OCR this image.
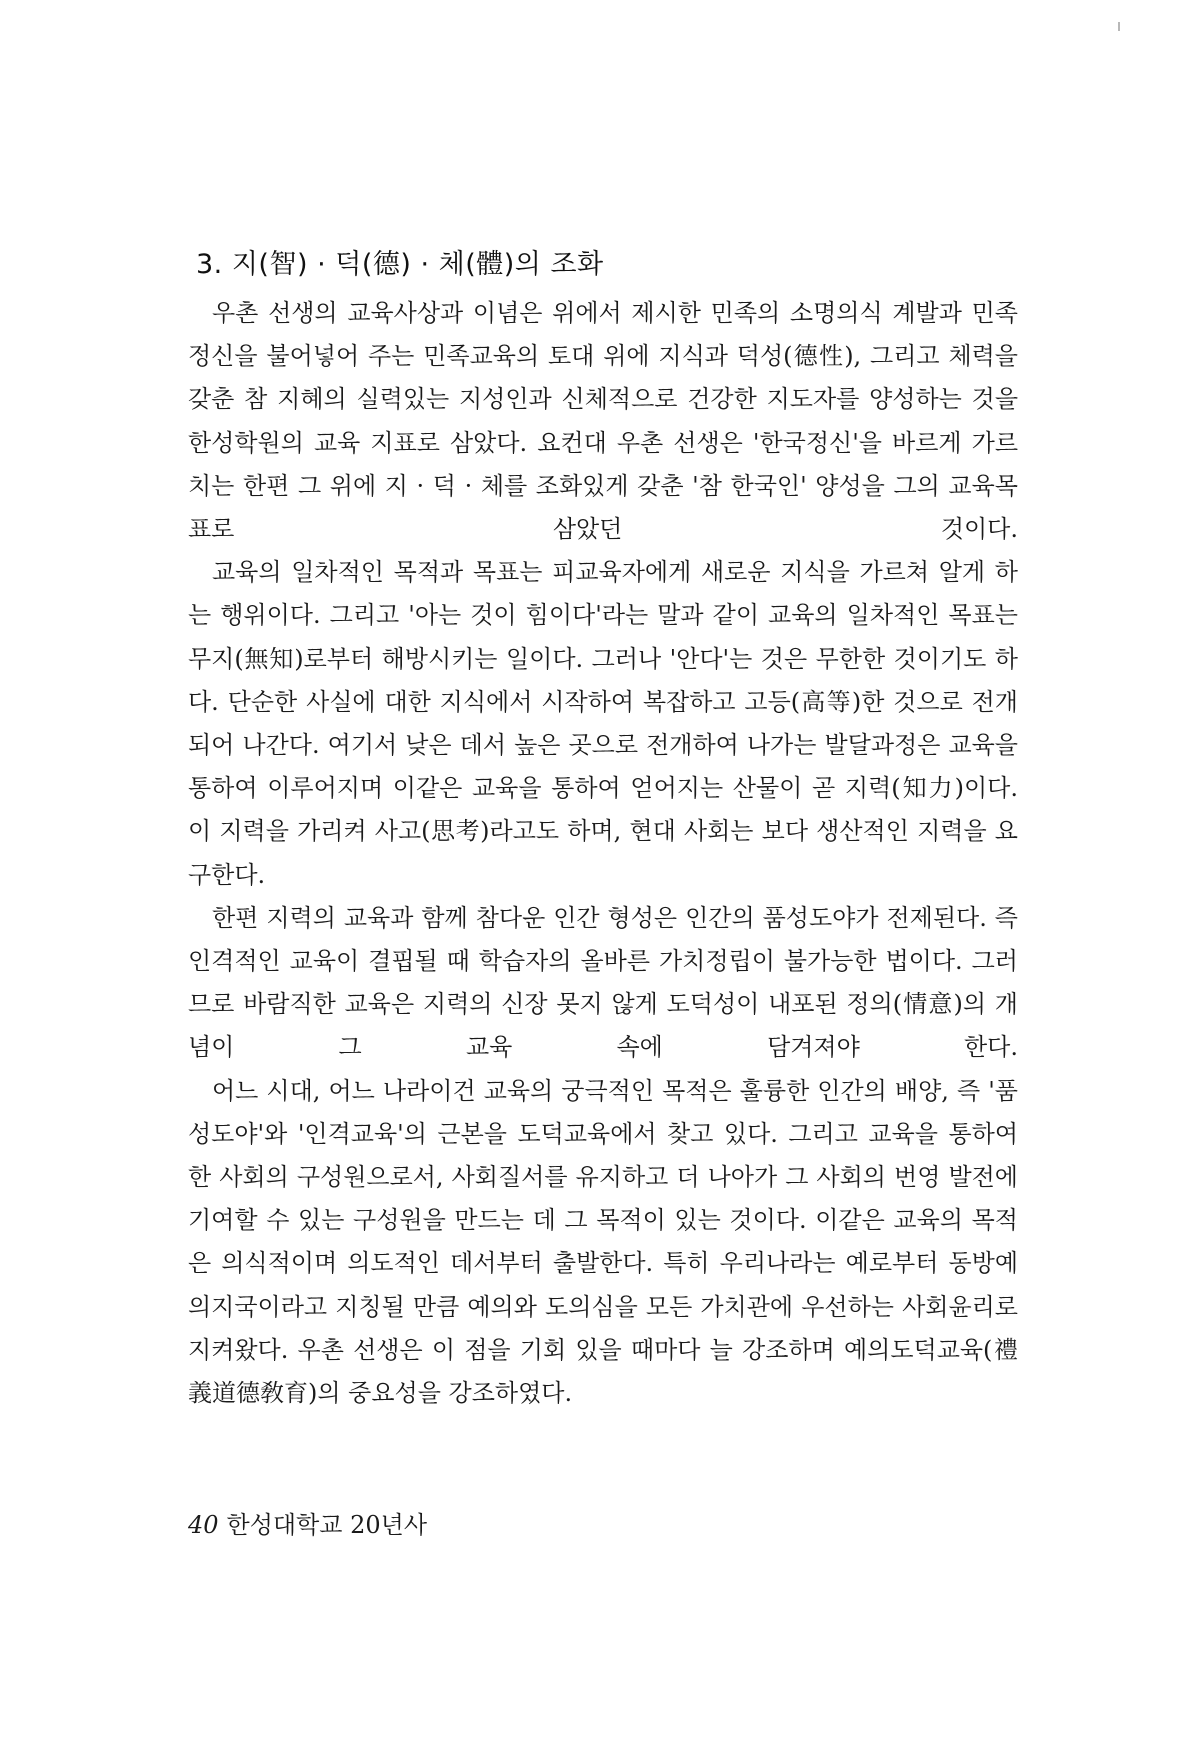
3. 지(智) · 덕(德) · 체(體)의 조화

우촌 선생의 교육사상과 이념은 위에서 제시한 민족의 소명의식 계발과 민족정신을 불어넣어 주는 민족교육의 토대 위에 지식과 덕성(德性), 그리고 체력을 갖춘 참 지혜의 실력있는 지성인과 신체적으로 건강한 지도자를 양성하는 것을 한성학원의 교육 지표로 삼았다. 요컨대 우촌 선생은 '한국정신'을 바르게 가르치는 한편 그 위에 지 · 덕 · 체를 조화있게 갖춘 '참 한국인' 양성을 그의 교육목표로 삼았던 것이다.

교육의 일차적인 목적과 목표는 피교육자에게 새로운 지식을 가르쳐 알게 하는 행위이다. 그리고 '아는 것이 힘이다'라는 말과 같이 교육의 일차적인 목표는 무지(無知)로부터 해방시키는 일이다. 그러나 '안다'는 것은 무한한 것이기도 하다. 단순한 사실에 대한 지식에서 시작하여 복잡하고 고등(高等)한 것으로 전개되어 나간다. 여기서 낮은 데서 높은 곳으로 전개하여 나가는 발달과정은 교육을 통하여 이루어지며 이같은 교육을 통하여 얻어지는 산물이 곧 지력(知力)이다. 이 지력을 가리켜 사고(思考)라고도 하며, 현대 사회는 보다 생산적인 지력을 요구한다.

한편 지력의 교육과 함께 참다운 인간 형성은 인간의 품성도야가 전제된다. 즉 인격적인 교육이 결핍될 때 학습자의 올바른 가치정립이 불가능한 법이다. 그러므로 바람직한 교육은 지력의 신장 못지 않게 도덕성이 내포된 정의(情意)의 개념이 그 교육 속에 담겨져야 한다.

어느 시대, 어느 나라이건 교육의 궁극적인 목적은 훌륭한 인간의 배양, 즉 '품성도야'와 '인격교육'의 근본을 도덕교육에서 찾고 있다. 그리고 교육을 통하여 한 사회의 구성원으로서, 사회질서를 유지하고 더 나아가 그 사회의 번영 발전에 기여할 수 있는 구성원을 만드는 데 그 목적이 있는 것이다. 이같은 교육의 목적은 의식적이며 의도적인 데서부터 출발한다. 특히 우리나라는 예로부터 동방예의지국이라고 지칭될 만큼 예의와 도의심을 모든 가치관에 우선하는 사회윤리로 지켜왔다. 우촌 선생은 이 점을 기회 있을 때마다 늘 강조하며 예의도덕교육(禮義道德敎育)의 중요성을 강조하였다.

40 한성대학교 20년사
